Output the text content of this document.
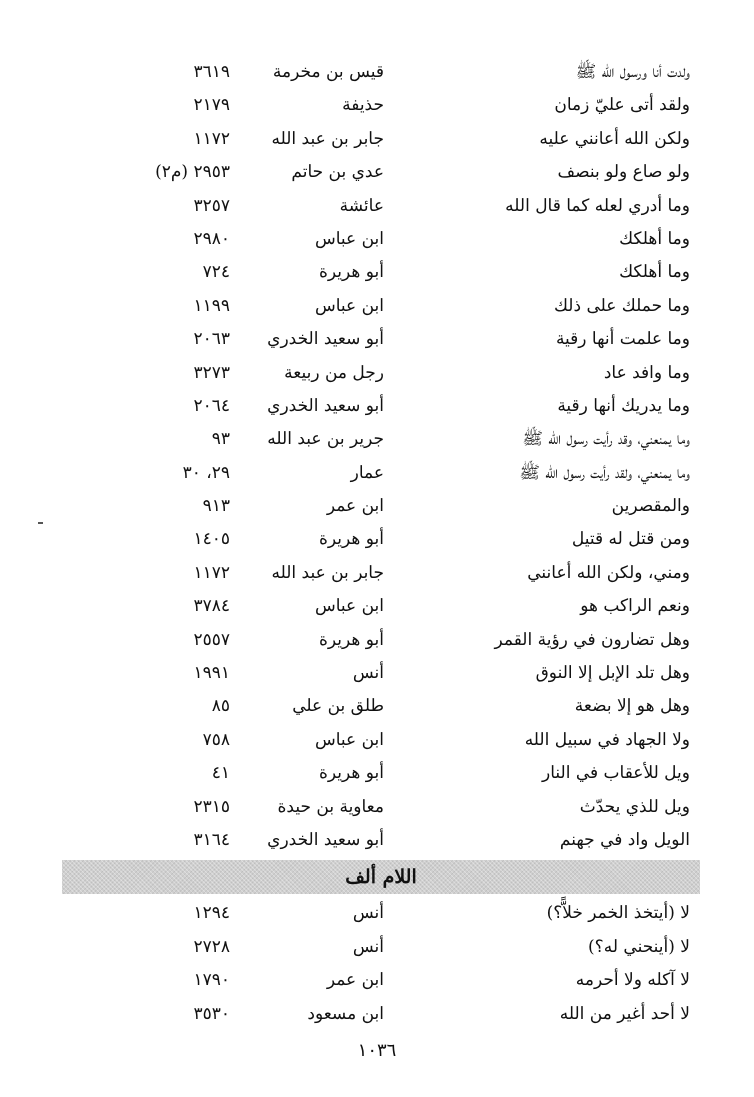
ولدت أنا ورسول الله ﷺ
قيس بن مخرمة
٣٦١٩
ولقد أتى عليّ زمان
حذيفة
٢١٧٩
ولكن الله أعانني عليه
جابر بن عبد الله
١١٧٢
ولو صاع ولو بنصف
عدي بن حاتم
٢٩٥٣ (م٢)
وما أدري لعله كما قال الله
عائشة
٣٢٥٧
وما أهلكك
ابن عباس
٢٩٨٠
وما أهلكك
أبو هريرة
٧٢٤
وما حملك على ذلك
ابن عباس
١١٩٩
وما علمت أنها رقية
أبو سعيد الخدري
٢٠٦٣
وما وافد عاد
رجل من ربيعة
٣٢٧٣
وما يدريك أنها رقية
أبو سعيد الخدري
٢٠٦٤
وما يمنعني، وقد رأيت رسول الله ﷺ
جرير بن عبد الله
٩٣
وما يمنعني، ولقد رأيت رسول الله ﷺ
عمار
٢٩، ٣٠
والمقصرين
ابن عمر
٩١٣
ومن قتل له قتيل
أبو هريرة
١٤٠٥
ومني، ولكن الله أعانني
جابر بن عبد الله
١١٧٢
ونعم الراكب هو
ابن عباس
٣٧٨٤
وهل تضارون في رؤية القمر
أبو هريرة
٢٥٥٧
وهل تلد الإبل إلا النوق
أنس
١٩٩١
وهل هو إلا بضعة
طلق بن علي
٨٥
ولا الجهاد في سبيل الله
ابن عباس
٧٥٨
ويل للأعقاب في النار
أبو هريرة
٤١
ويل للذي يحدّث
معاوية بن حيدة
٢٣١٥
الويل واد في جهنم
أبو سعيد الخدري
٣١٦٤
اللام ألف
لا (أيتخذ الخمر خلاًّ؟)
أنس
١٢٩٤
لا (أينحني له؟)
أنس
٢٧٢٨
لا آكله ولا أحرمه
ابن عمر
١٧٩٠
لا أحد أغير من الله
ابن مسعود
٣٥٣٠
١٠٣٦
